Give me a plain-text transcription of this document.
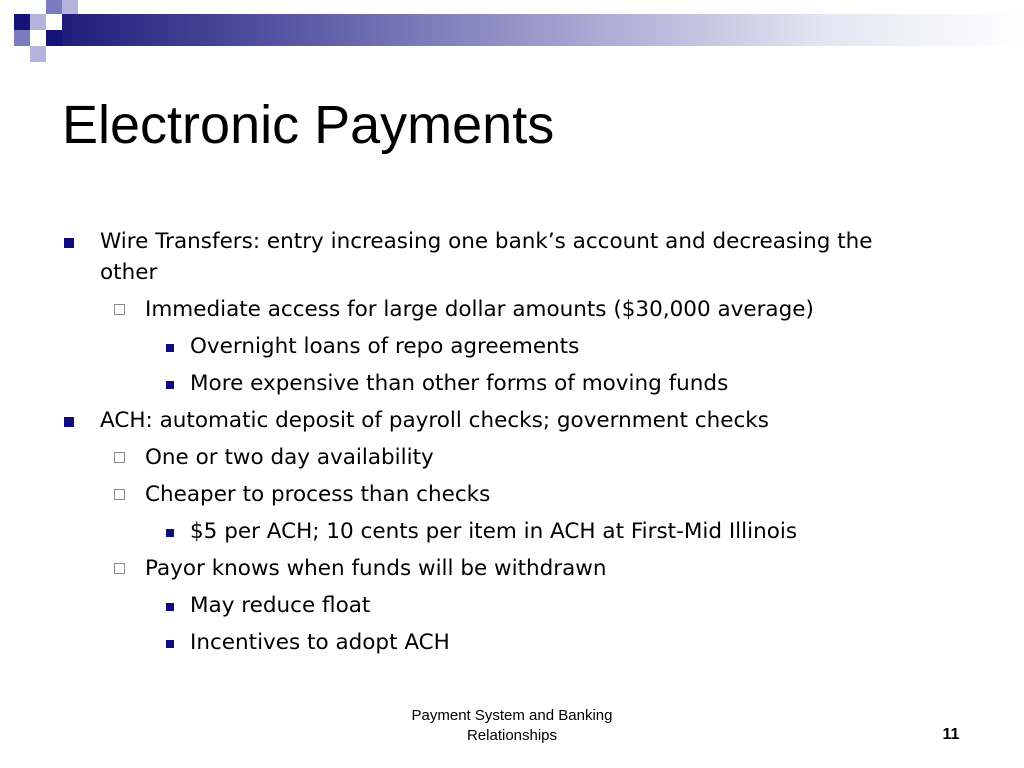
Electronic Payments
Wire Transfers: entry increasing one bank’s account and decreasing the other
Immediate access for large dollar amounts ($30,000 average)
Overnight loans of repo agreements
More expensive than other forms of moving funds
ACH: automatic deposit of payroll checks; government checks
One or two day availability
Cheaper to process than checks
$5 per ACH; 10 cents per item in ACH at First-Mid Illinois
Payor knows when funds will be withdrawn
May reduce float
Incentives to adopt ACH
Payment System and Banking
Relationships	11
